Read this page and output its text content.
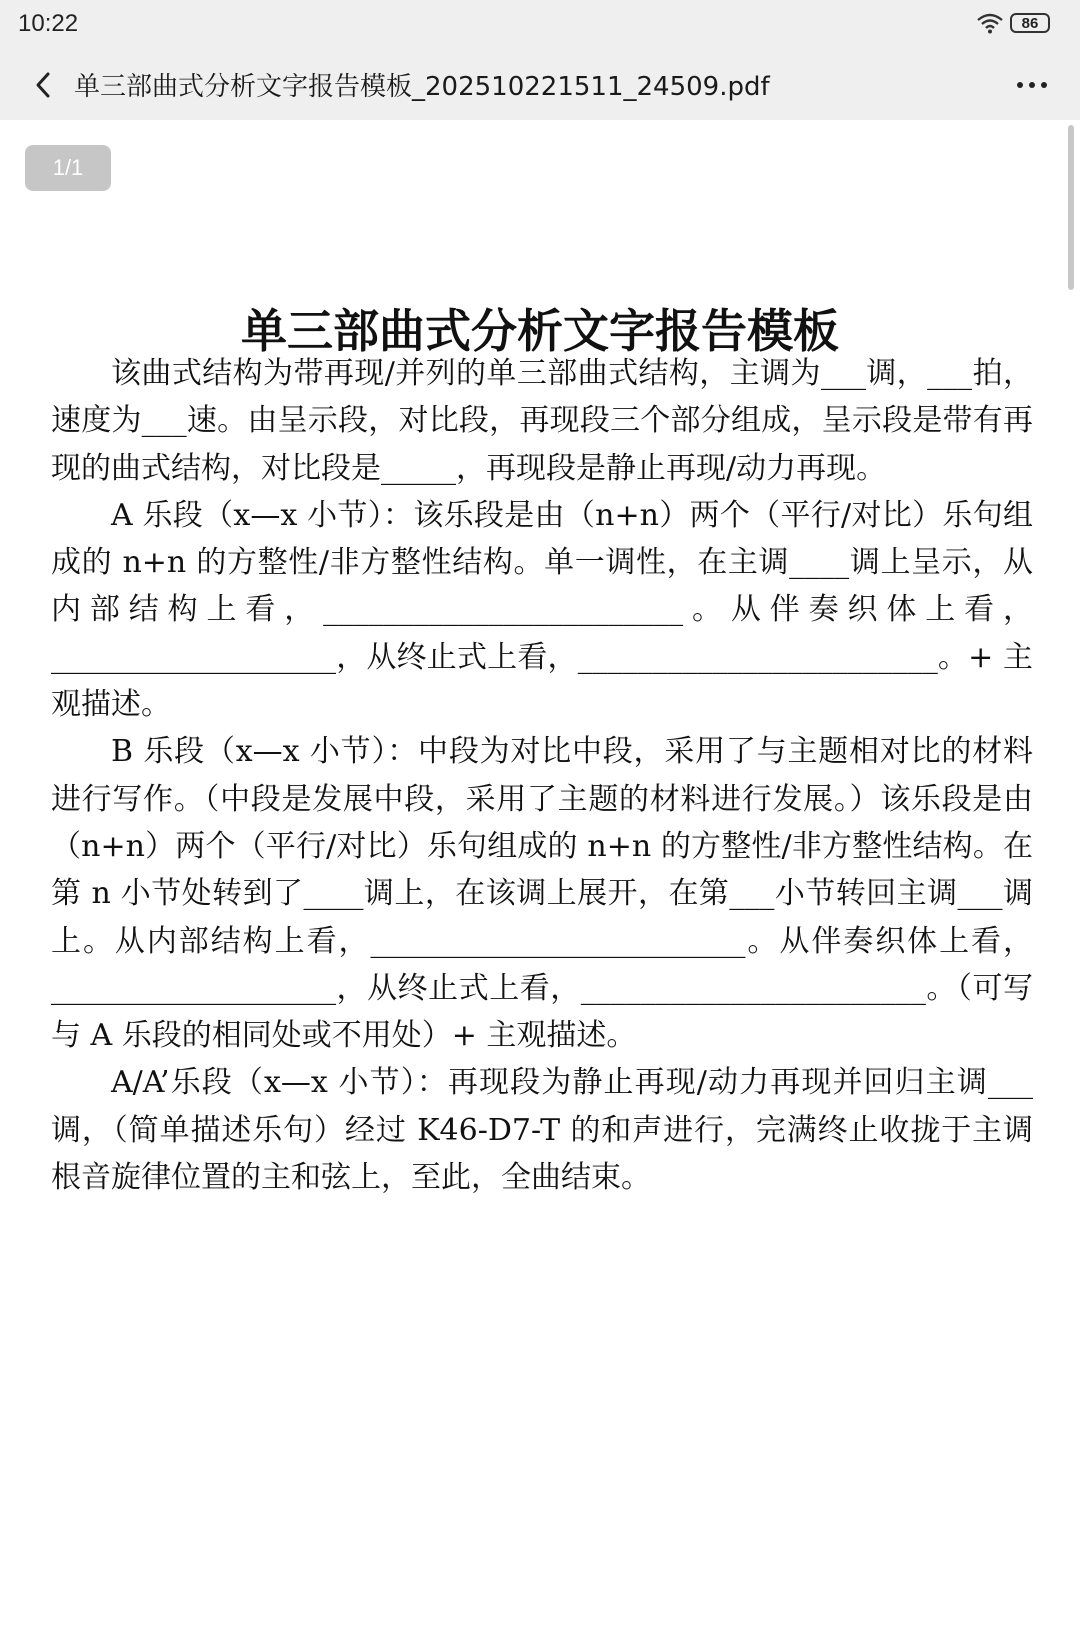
10:22	86
单三部曲式分析文字报告模板_202510221511_24509.pdf
1/1
单三部曲式分析文字报告模板

该曲式结构为带再现/并列的单三部曲式结构，主调为___调，___拍，速度为___速。由呈示段，对比段，再现段三个部分组成，呈示段是带有再现的曲式结构，对比段是_____，再现段是静止再现/动力再现。

A 乐段（x—x 小节）：该乐段是由（n+n）两个（平行/对比）乐句组成的 n+n 的方整性/非方整性结构。单一调性，在主调____调上呈示，从内部结构上看，________________________。从伴奏织体上看，___________________，从终止式上看，________________________。+ 主观描述。

B 乐段（x—x 小节）：中段为对比中段，采用了与主题相对比的材料进行写作。（中段是发展中段，采用了主题的材料进行发展。）该乐段是由（n+n）两个（平行/对比）乐句组成的 n+n 的方整性/非方整性结构。在第 n 小节处转到了____调上，在该调上展开，在第___小节转回主调___调上。从内部结构上看，_________________________。从伴奏织体上看，___________________，从终止式上看，_______________________。（可写与 A 乐段的相同处或不用处）+ 主观描述。

A/A’乐段（x—x 小节）：再现段为静止再现/动力再现并回归主调___调，（简单描述乐句）经过 K46-D7-T 的和声进行，完满终止收拢于主调根音旋律位置的主和弦上，至此，全曲结束。
